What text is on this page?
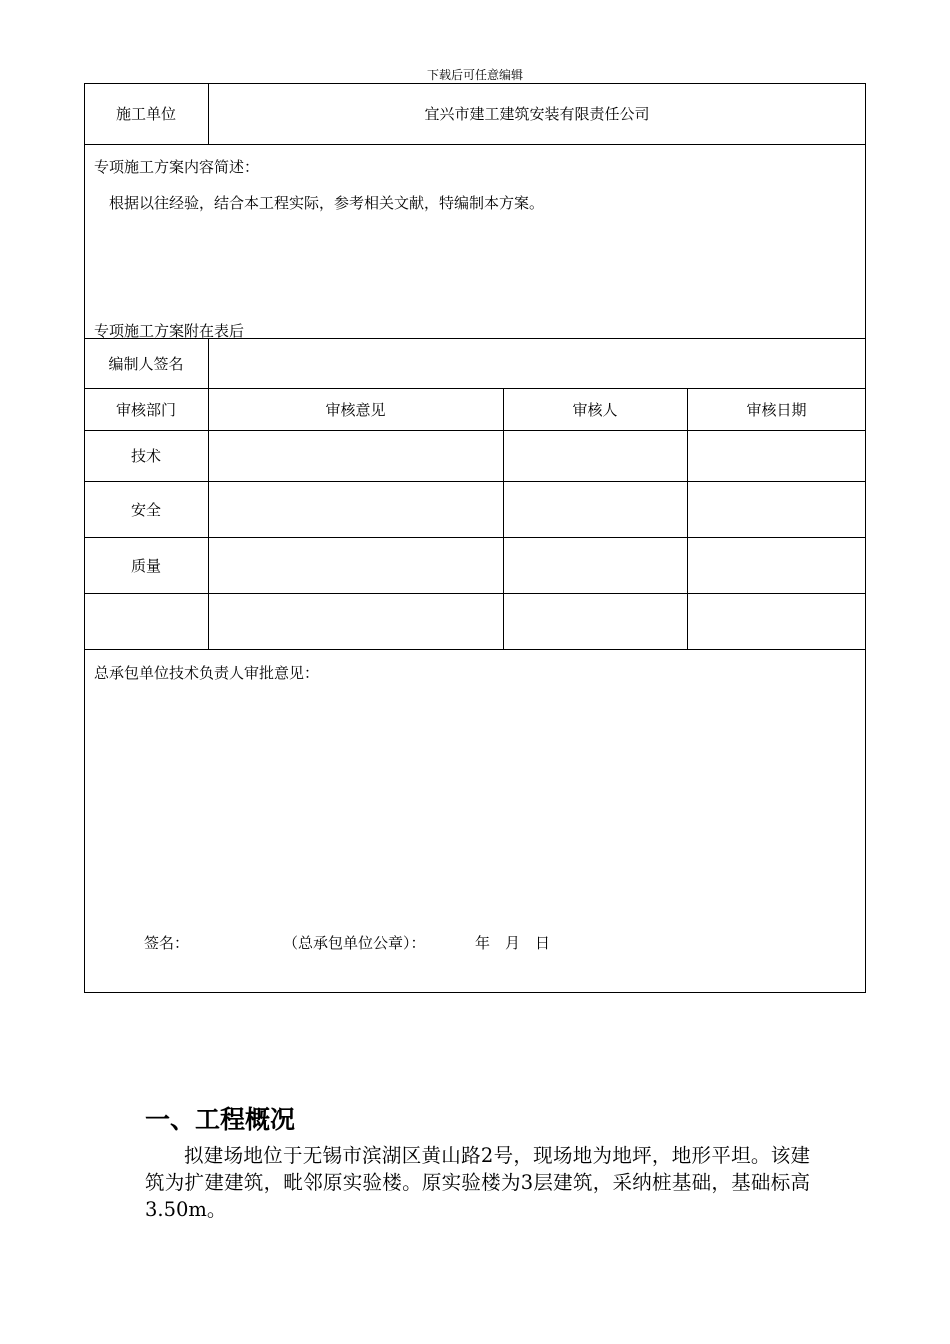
下载后可任意编辑
施工单位	宜兴市建工建筑安装有限责任公司
专项施工方案内容简述：
根据以往经验，结合本工程实际，参考相关文献，特编制本方案。
专项施工方案附在表后
编制人签名
审核部门	审核意见	审核人	审核日期
技术
安全
质量
总承包单位技术负责人审批意见：
签名：	（总承包单位公章）：	年 月 日
一、工程概况
拟建场地位于无锡市滨湖区黄山路2号，现场地为地坪，地形平坦。该建筑为扩建建筑，毗邻原实验楼。原实验楼为3层建筑，采纳桩基础，基础标高3.50m。
